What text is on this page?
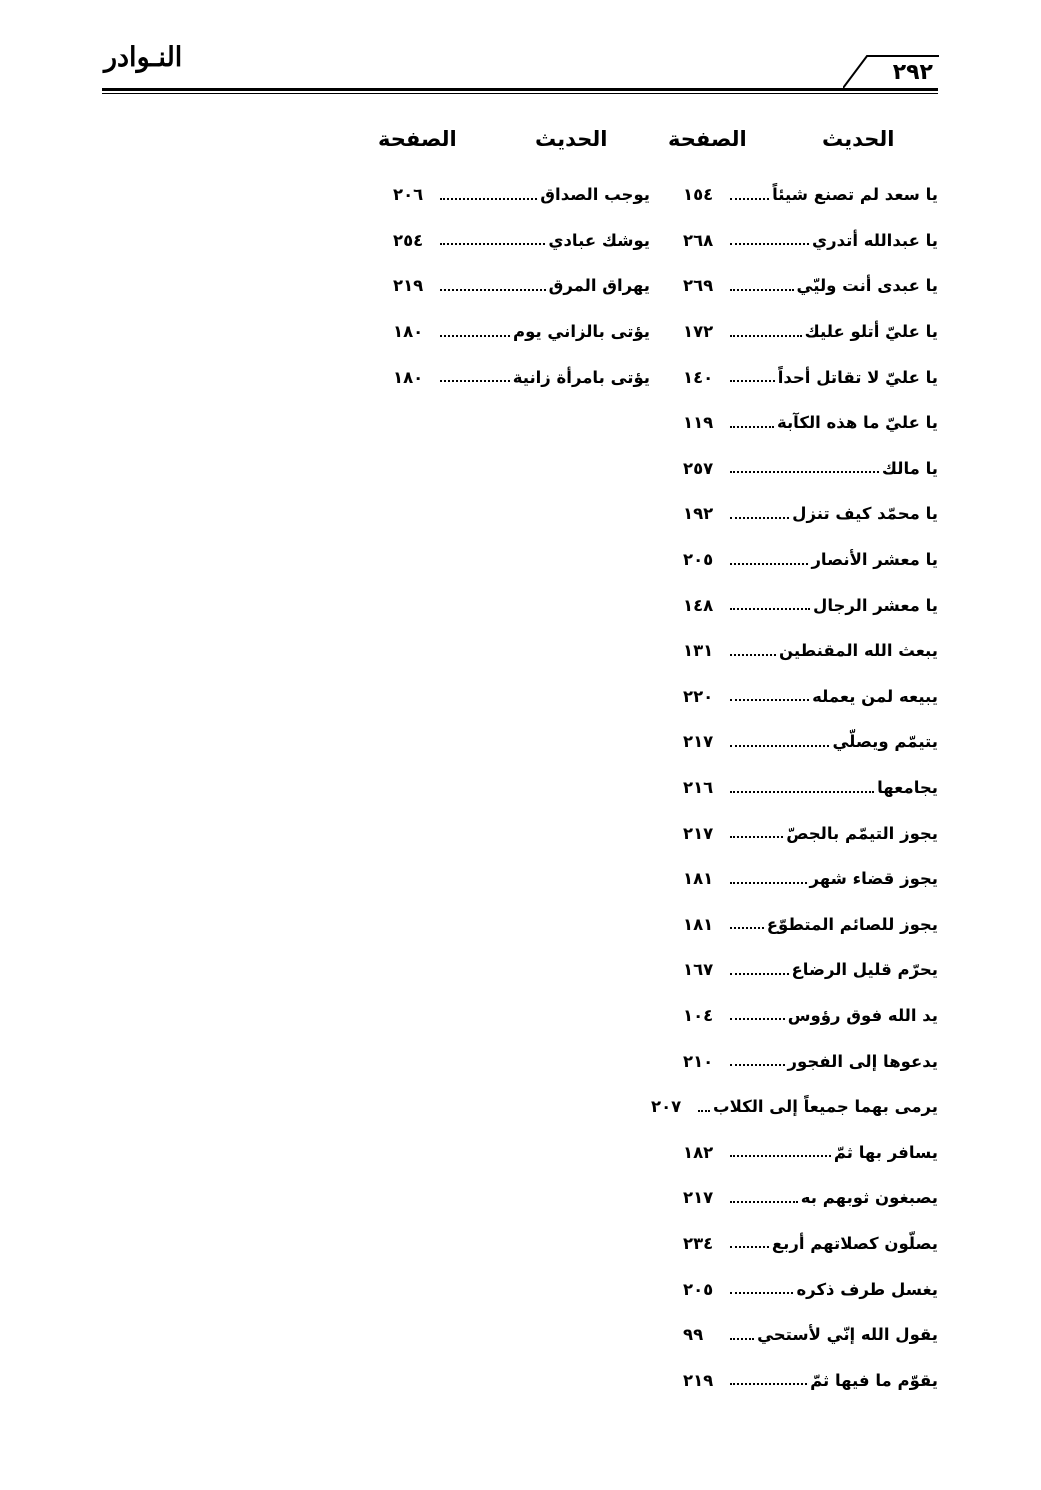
النـوادر	٢٩٢
الحديث
الصفحة
الحديث
الصفحة
يا سعد لم تصنع شيئاً
١٥٤
يا عبدالله أتدري
٢٦٨
يا عبدى أنت وليّي
٢٦٩
يا عليّ أتلو عليك
١٧٢
يا عليّ لا تقاتل أحداً
١٤٠
يا عليّ ما هذه الكآبة
١١٩
يا مالك
٢٥٧
يا محمّد كيف تنزل
١٩٢
يا معشر الأنصار
٢٠٥
يا معشر الرجال
١٤٨
يبعث الله المقنطين
١٣١
يبيعه لمن يعمله
٢٢٠
يتيمّم ويصلّي
٢١٧
يجامعها
٢١٦
يجوز التيمّم بالجصّ
٢١٧
يجوز قضاء شهر
١٨١
يجوز للصائم المتطوّع
١٨١
يحرّم قليل الرضاع
١٦٧
يد الله فوق رؤوس
١٠٤
يدعوها إلى الفجور
٢١٠
يرمى بهما جميعاً إلى الكلاب
٢٠٧
يسافر بها ثمّ
١٨٢
يصبغون ثوبهم به
٢١٧
يصلّون كصلاتهم أربع
٢٣٤
يغسل طرف ذكره
٢٠٥
يقول الله إنّي لأستحي
٩٩
يقوّم ما فيها ثمّ
٢١٩
يوجب الصداق
٢٠٦
يوشك عبادي
٢٥٤
يهراق المرق
٢١٩
يؤتى بالزاني يوم
١٨٠
يؤتى بامرأة زانية
١٨٠
